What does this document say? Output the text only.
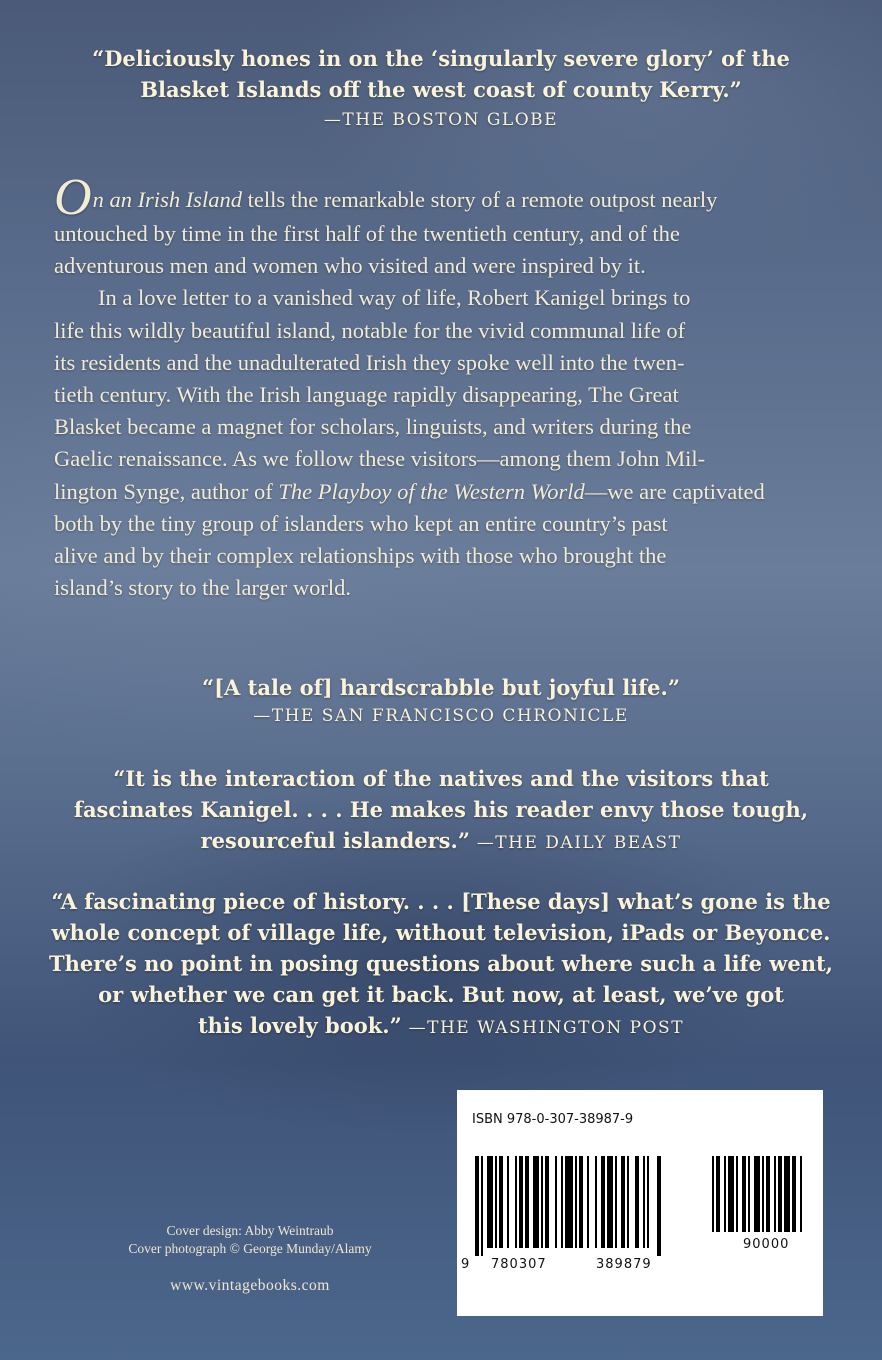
“Deliciously hones in on the ‘singularly severe glory’ of the
Blasket Islands off the west coast of county Kerry.”
—THE BOSTON GLOBE
On an Irish Island tells the remarkable story of a remote outpost nearly
untouched by time in the first half of the twentieth century, and of the
adventurous men and women who visited and were inspired by it.
In a love letter to a vanished way of life, Robert Kanigel brings to
life this wildly beautiful island, notable for the vivid communal life of
its residents and the unadulterated Irish they spoke well into the twen-
tieth century. With the Irish language rapidly disappearing, The Great
Blasket became a magnet for scholars, linguists, and writers during the
Gaelic renaissance. As we follow these visitors—among them John Mil-
lington Synge, author of The Playboy of the Western World—we are captivated
both by the tiny group of islanders who kept an entire country’s past
alive and by their complex relationships with those who brought the
island’s story to the larger world.
“[A tale of] hardscrabble but joyful life.”
—THE SAN FRANCISCO CHRONICLE
“It is the interaction of the natives and the visitors that
fascinates Kanigel. . . . He makes his reader envy those tough,
resourceful islanders.” —THE DAILY BEAST
“A fascinating piece of history. . . . [These days] what’s gone is the
whole concept of village life, without television, iPads or Beyonce.
There’s no point in posing questions about where such a life went,
or whether we can get it back. But now, at least, we’ve got
this lovely book.” —THE WASHINGTON POST
Cover design: Abby Weintraub
Cover photograph © George Munday/Alamy
www.vintagebooks.com
ISBN 978-0-307-38987-9
9 780307	389879
90000
